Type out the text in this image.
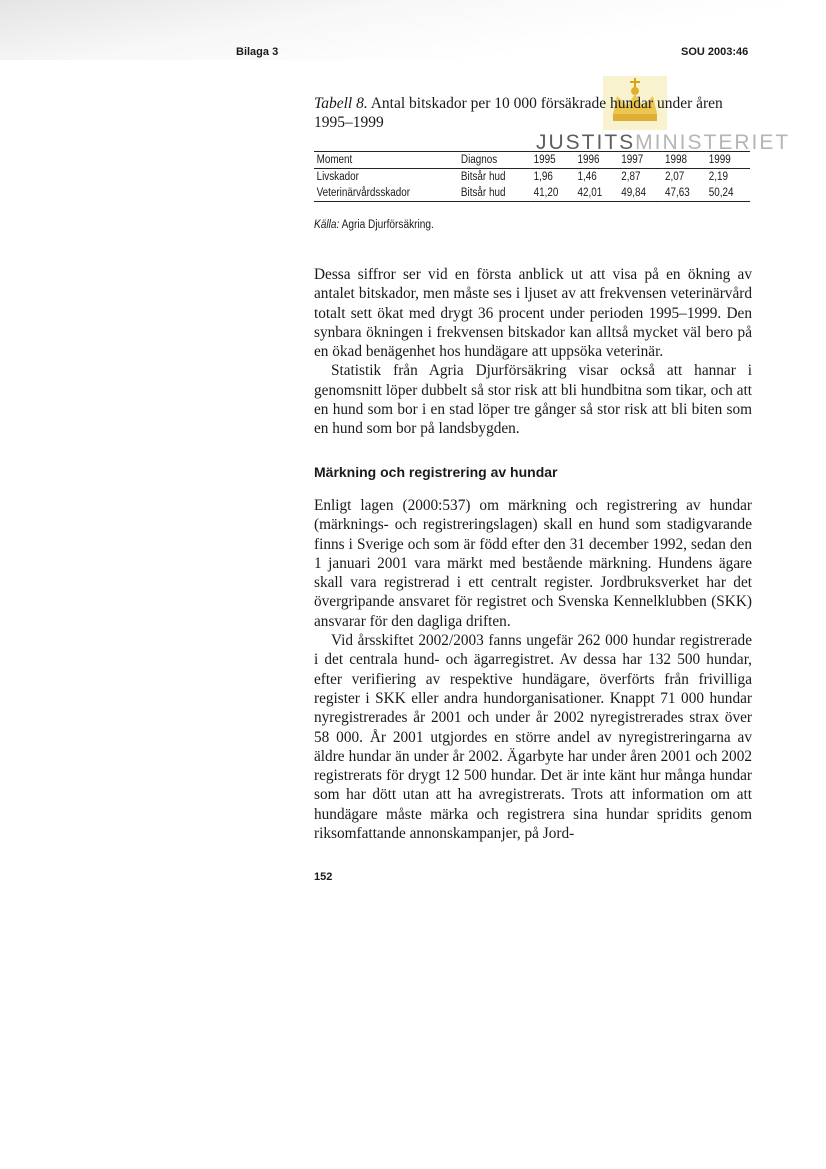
Bilaga 3	SOU 2003:46
Tabell 8. Antal bitskador per 10 000 försäkrade hundar under åren 1995–1999
JUSTITSMINISTERIET
Moment	Diagnos	1995	1996	1997	1998	1999
Livskador	Bitsår hud	1,96	1,46	2,87	2,07	2,19
Veterinärvårdsskador	Bitsår hud	41,20	42,01	49,84	47,63	50,24
Källa: Agria Djurförsäkring.

Dessa siffror ser vid en första anblick ut att visa på en ökning av antalet bitskador, men måste ses i ljuset av att frekvensen veterinärvård totalt sett ökat med drygt 36 procent under perioden 1995–1999. Den synbara ökningen i frekvensen bitskador kan alltså mycket väl bero på en ökad benägenhet hos hundägare att uppsöka veterinär.

Statistik från Agria Djurförsäkring visar också att hannar i genomsnitt löper dubbelt så stor risk att bli hundbitna som tikar, och att en hund som bor i en stad löper tre gånger så stor risk att bli biten som en hund som bor på landsbygden.

Märkning och registrering av hundar

Enligt lagen (2000:537) om märkning och registrering av hundar (märknings- och registreringslagen) skall en hund som stadigvarande finns i Sverige och som är född efter den 31 december 1992, sedan den 1 januari 2001 vara märkt med bestående märkning. Hundens ägare skall vara registrerad i ett centralt register. Jordbruksverket har det övergripande ansvaret för registret och Svenska Kennelklubben (SKK) ansvarar för den dagliga driften.

Vid årsskiftet 2002/2003 fanns ungefär 262 000 hundar registrerade i det centrala hund- och ägarregistret. Av dessa har 132 500 hundar, efter verifiering av respektive hundägare, överförts från frivilliga register i SKK eller andra hundorganisationer. Knappt 71 000 hundar nyregistrerades år 2001 och under år 2002 nyregistrerades strax över 58 000. År 2001 utgjordes en större andel av nyregistreringarna av äldre hundar än under år 2002. Ägarbyte har under åren 2001 och 2002 registrerats för drygt 12 500 hundar. Det är inte känt hur många hundar som har dött utan att ha avregistrerats. Trots att information om att hundägare måste märka och registrera sina hundar spridits genom riksomfattande annonskampanjer, på Jord-

152
